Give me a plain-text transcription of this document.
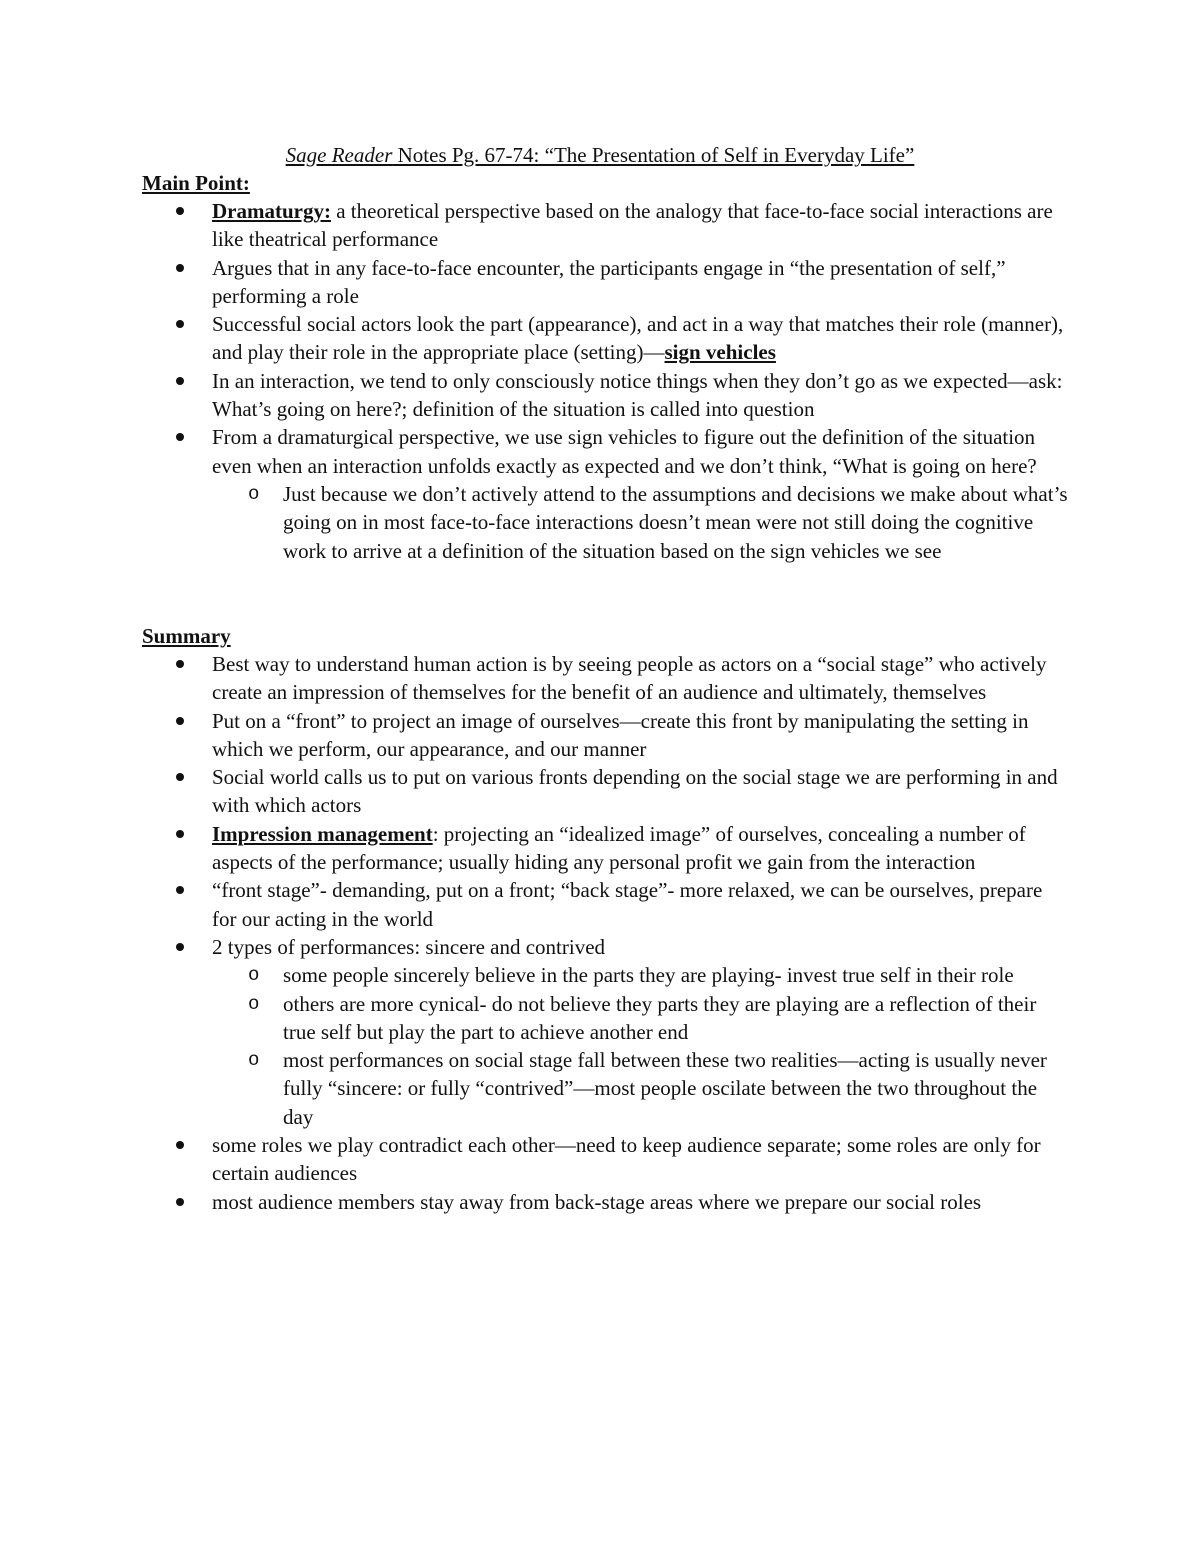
Sage Reader Notes Pg. 67-74: “The Presentation of Self in Everyday Life”
Main Point:
Dramaturgy: a theoretical perspective based on the analogy that face-to-face social interactions are like theatrical performance
Argues that in any face-to-face encounter, the participants engage in “the presentation of self,” performing a role
Successful social actors look the part (appearance), and act in a way that matches their role (manner), and play their role in the appropriate place (setting)—sign vehicles
In an interaction, we tend to only consciously notice things when they don’t go as we expected—ask: What’s going on here?; definition of the situation is called into question
From a dramaturgical perspective, we use sign vehicles to figure out the definition of the situation even when an interaction unfolds exactly as expected and we don’t think, “What is going on here?
o Just because we don’t actively attend to the assumptions and decisions we make about what’s going on in most face-to-face interactions doesn’t mean were not still doing the cognitive work to arrive at a definition of the situation based on the sign vehicles we see
Summary
Best way to understand human action is by seeing people as actors on a “social stage” who actively create an impression of themselves for the benefit of an audience and ultimately, themselves
Put on a “front” to project an image of ourselves—create this front by manipulating the setting in which we perform, our appearance, and our manner
Social world calls us to put on various fronts depending on the social stage we are performing in and with which actors
Impression management: projecting an “idealized image” of ourselves, concealing a number of aspects of the performance; usually hiding any personal profit we gain from the interaction
“front stage”- demanding, put on a front; “back stage”- more relaxed, we can be ourselves, prepare for our acting in the world
2 types of performances: sincere and contrived
o some people sincerely believe in the parts they are playing- invest true self in their role
o others are more cynical- do not believe they parts they are playing are a reflection of their true self but play the part to achieve another end
o most performances on social stage fall between these two realities—acting is usually never fully “sincere: or fully “contrived”—most people oscilate between the two throughout the day
some roles we play contradict each other—need to keep audience separate; some roles are only for certain audiences
most audience members stay away from back-stage areas where we prepare our social roles
